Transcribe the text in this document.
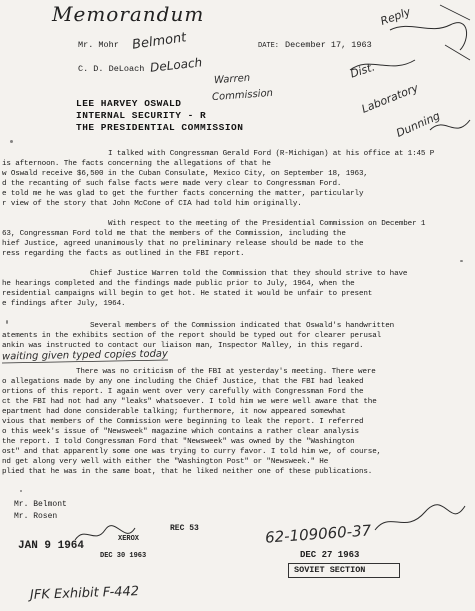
Memorandum
Mr. Mohr Belmont	DATE: December 17, 1963
C. D. DeLoach DeLoach
Warren
Commission
Reply
Dist.
Laboratory
Dunning
LEE HARVEY OSWALD
INTERNAL SECURITY - R
THE PRESIDENTIAL COMMISSION
I talked with Congressman Gerald Ford (R-Michigan) at his office at 1:45 P
is afternoon. The facts concerning the allegations of that he
w Oswald receive $6,500 in the Cuban Consulate, Mexico City, on September 18, 1963,
d the recanting of such false facts were made very clear to Congressman Ford.
e told me he was glad to get the further facts concerning the matter, particularly
r view of the story that John McCone of CIA had told him originally.
With respect to the meeting of the Presidential Commission on December 1
63, Congressman Ford told me that the members of the Commission, including the
hief Justice, agreed unanimously that no preliminary release should be made to the
ress regarding the facts as outlined in the FBI report.
Chief Justice Warren told the Commission that they should strive to have
he hearings completed and the findings made public prior to July, 1964, when the
residential campaigns will begin to get hot. He stated it would be unfair to present
e findings after July, 1964.
Several members of the Commission indicated that Oswald's handwritten
atements in the exhibits section of the report should be typed out for clearer perusal
ankin was instructed to contact our liaison man, Inspector Malley, in this regard.
waiting given typed copies today
There was no criticism of the FBI at yesterday's meeting. There were
o allegations made by any one including the Chief Justice, that the FBI had leaked
ortions of this report. I again went over very carefully with Congressman Ford the
ct the FBI had not had any "leaks" whatsoever. I told him we were well aware that the
epartment had done considerable talking; furthermore, it now appeared somewhat
vious that members of the Commission were beginning to leak the report. I referred
o this week's issue of "Newsweek" magazine which contains a rather clear analysis
the report. I told Congressman Ford that "Newsweek" was owned by the "Washington
ost" and that apparently some one was trying to curry favor. I told him we, of course,
nd get along very well with either the "Washington Post" or "Newsweek." He
plied that he was in the same boat, that he liked neither one of these publications.
Mr. Belmont
Mr. Rosen
JAN 9 1964
XEROX
DEC 30 1963
REC 53
DEC 27 1963
SOVIET SECTION
62-109060-37
JFK Exhibit F-442
